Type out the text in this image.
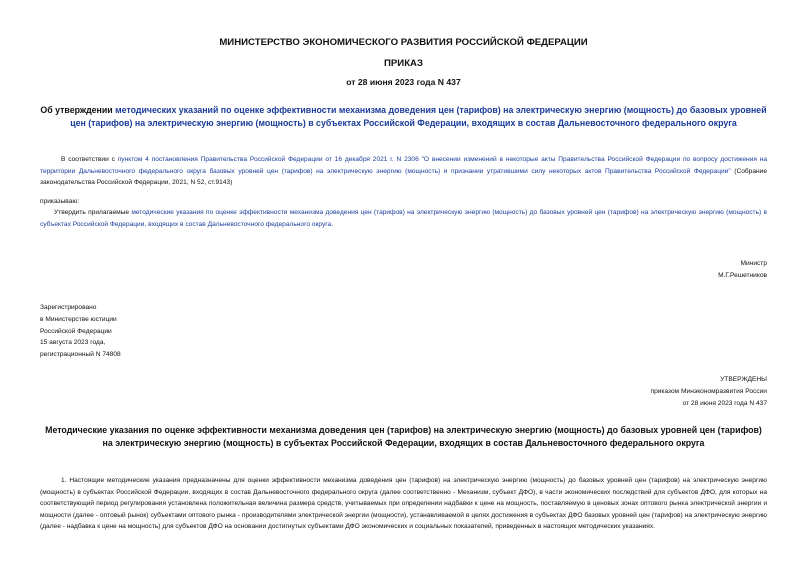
МИНИСТЕРСТВО ЭКОНОМИЧЕСКОГО РАЗВИТИЯ РОССИЙСКОЙ ФЕДЕРАЦИИ
ПРИКАЗ
от 28 июня 2023 года N 437
Об утверждении методических указаний по оценке эффективности механизма доведения цен (тарифов) на электрическую энергию (мощность) до базовых уровней цен (тарифов) на электрическую энергию (мощность) в субъектах Российской Федерации, входящих в состав Дальневосточного федерального округа
В соответствии с пунктом 4 постановления Правительства Российской Федерации от 16 декабря 2021 г. N 2306 "О внесении изменений в некоторые акты Правительства Российской Федерации по вопросу достижения на территории Дальневосточного федерального округа базовых уровней цен (тарифов) на электрическую энергию (мощность) и признании утратившими силу некоторых актов Правительства Российской Федерации" (Собрание законодательства Российской Федерации, 2021, N 52, ст.9143)
приказываю:
Утвердить прилагаемые методические указания по оценке эффективности механизма доведения цен (тарифов) на электрическую энергию (мощность) до базовых уровней цен (тарифов) на электрическую энергию (мощность) в субъектах Российской Федерации, входящих в состав Дальневосточного федерального округа.
Министр
М.Г.Решетников
Зарегистрировано
в Министерстве юстиции
Российской Федерации
15 августа 2023 года,
регистрационный N 74808
УТВЕРЖДЕНЫ
приказом Минэкономразвития России
от 28 июня 2023 года N 437
Методические указания по оценке эффективности механизма доведения цен (тарифов) на электрическую энергию (мощность) до базовых уровней цен (тарифов) на электрическую энергию (мощность) в субъектах Российской Федерации, входящих в состав Дальневосточного федерального округа
1. Настоящие методические указания предназначены для оценки эффективности механизма доведения цен (тарифов) на электрическую энергию (мощность) до базовых уровней цен (тарифов) на электрическую энергию (мощность) в субъектах Российской Федерации, входящих в состав Дальневосточного федерального округа (далее соответственно - Механизм, субъект ДФО), в части экономических последствий для субъектов ДФО, для которых на соответствующий период регулирования установлена положительная величина размера средств, учитываемых при определении надбавки к цене на мощность, поставляемую в ценовых зонах оптового рынка электрической энергии и мощности (далее - оптовый рынок) субъектами оптового рынка - производителями электрической энергии (мощности), устанавливаемой в целях достижения в субъектах ДФО базовых уровней цен (тарифов) на электрическую энергию (далее - надбавка к цене на мощность) для субъектов ДФО на основании достигнутых субъектами ДФО экономических и социальных показателей, приведенных в настоящих методических указаниях.
